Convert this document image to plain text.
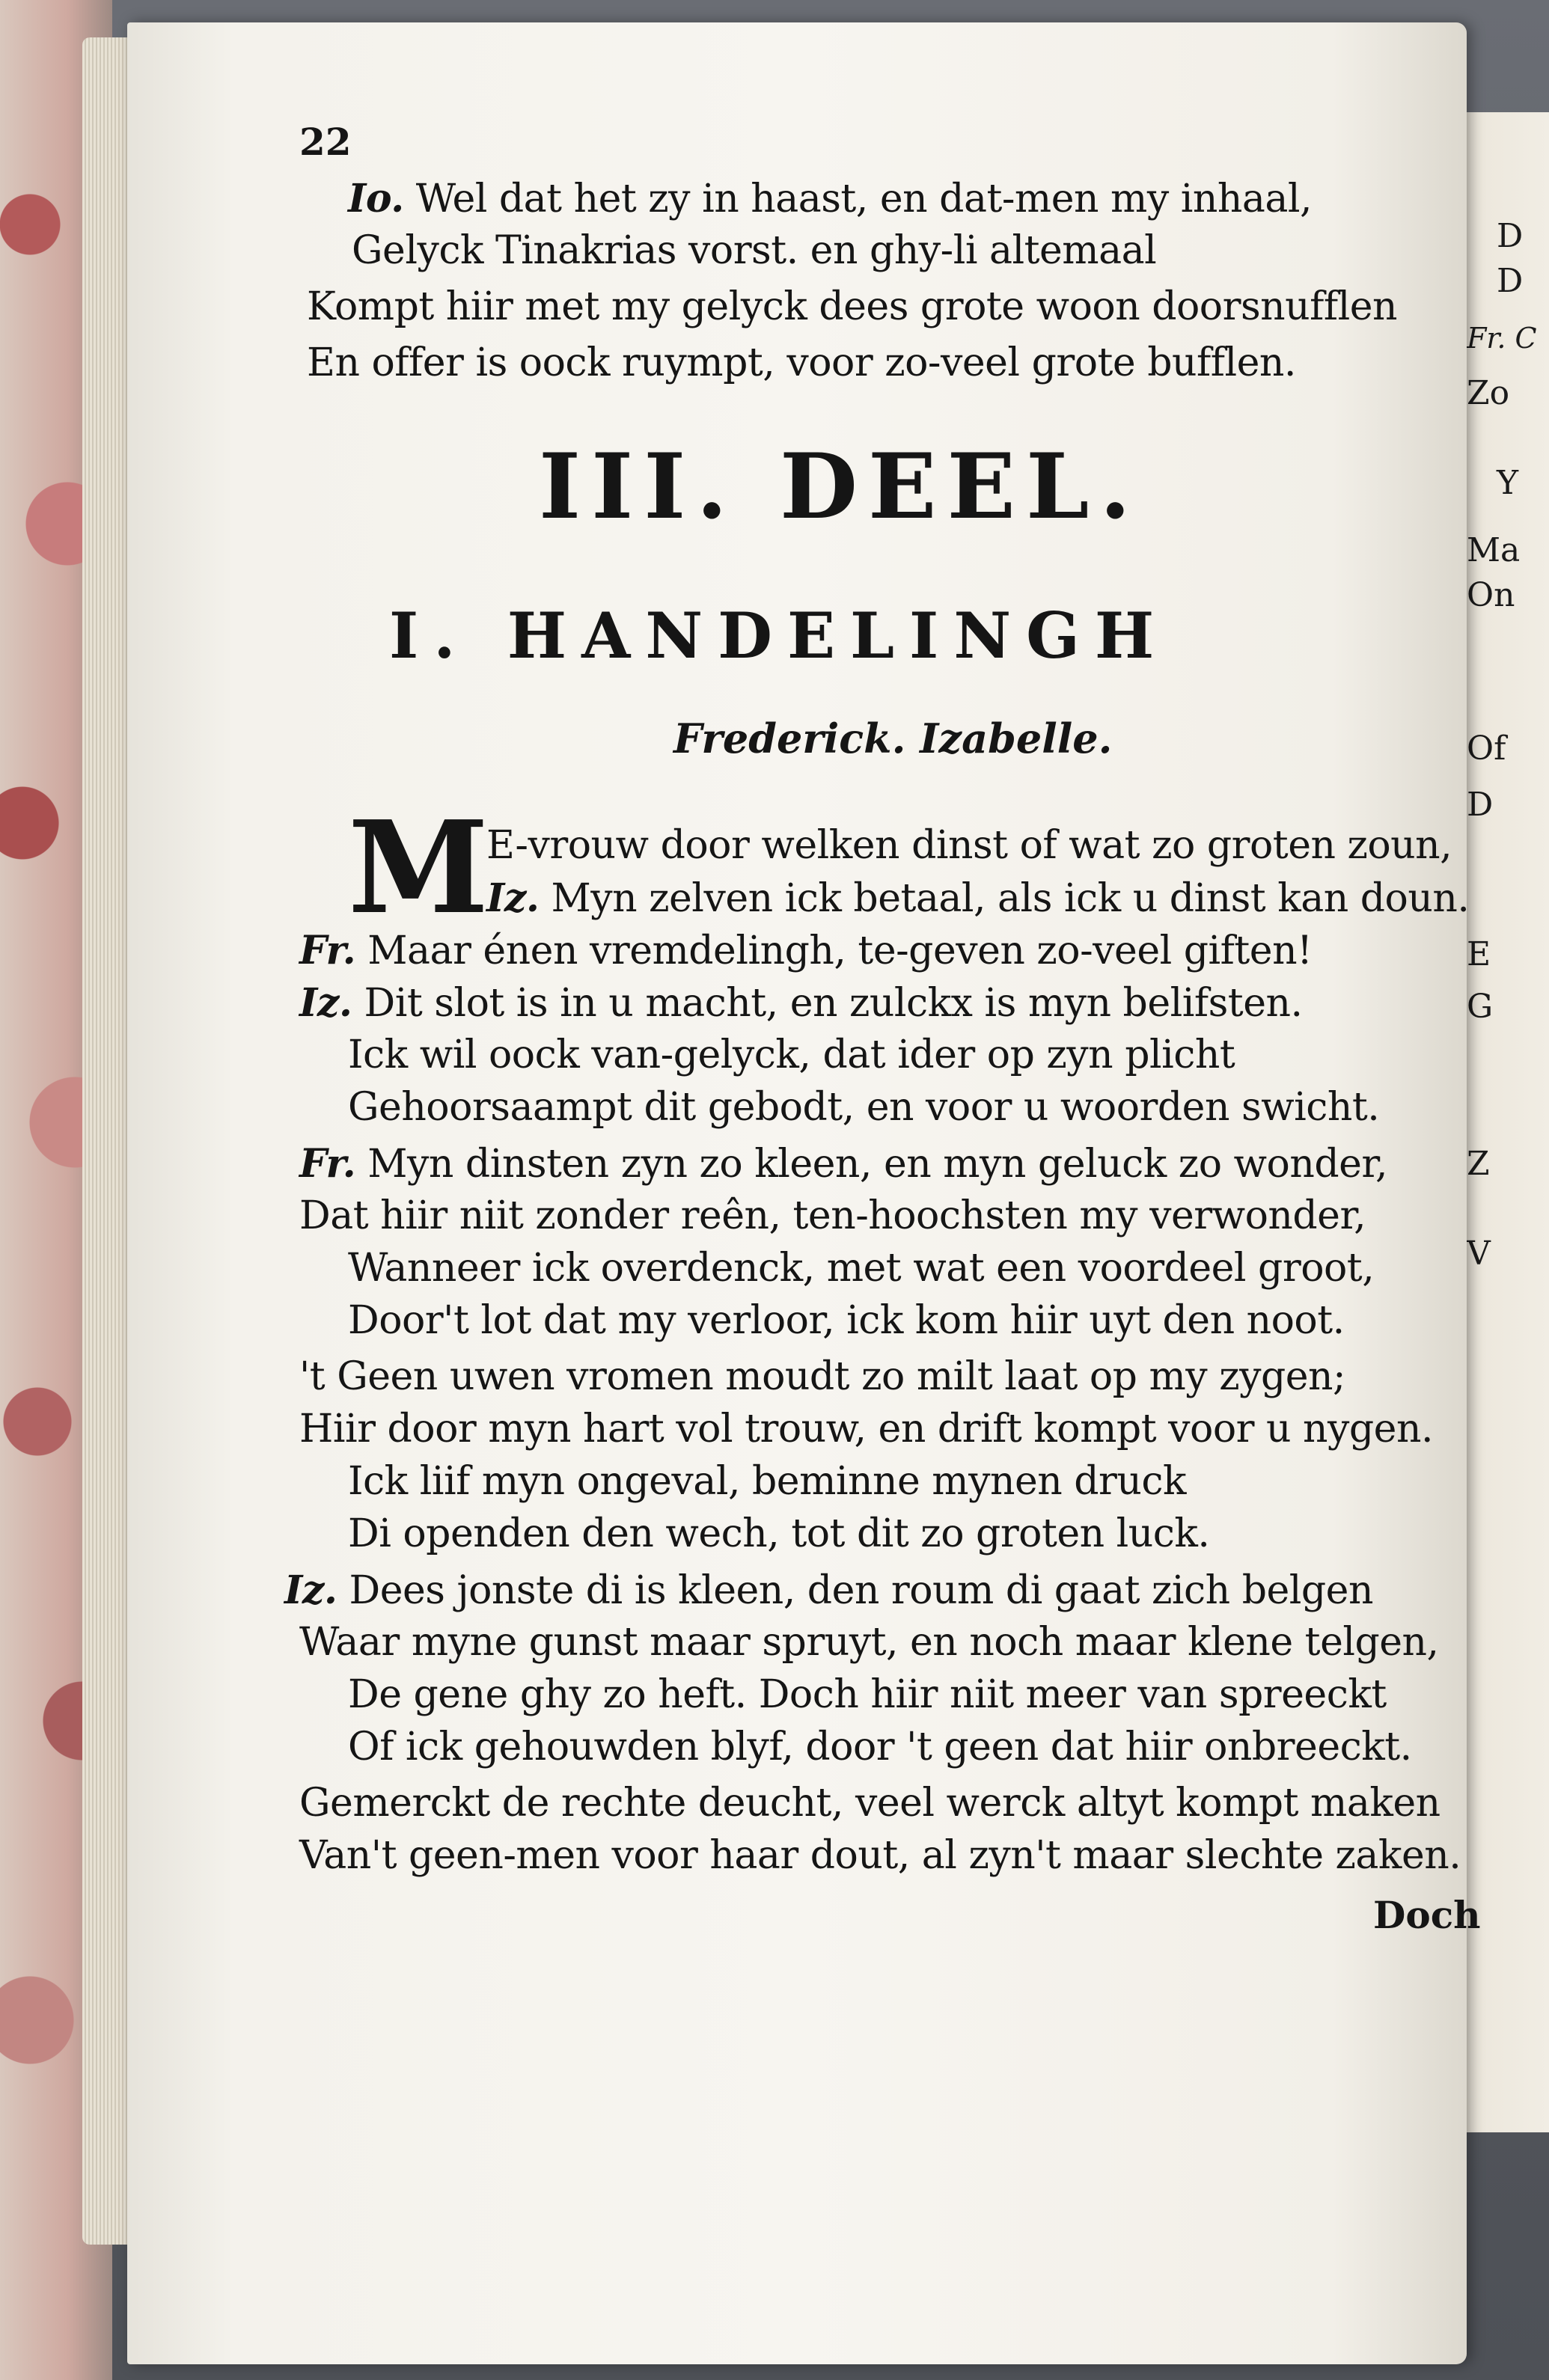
D
D
Fr. C
Zo
Y
Ma
On
Of
D
E
G
Z
V
22
Io. Wel dat het zy in haast, en dat-men my inhaal,
Gelyck Tinakrias vorst. en ghy-li altemaal
Kompt hiir met my gelyck dees grote woon doorsnufflen
En offer is oock ruympt, voor zo-veel grote bufflen.
III. DEEL.
I. HANDELINGH
Frederick. Izabelle.
M
E-vrouw door welken dinst of wat zo groten zoun,
Iz. Myn zelven ick betaal, als ick u dinst kan doun.
Fr. Maar énen vremdelingh, te-geven zo-veel giften!
Iz. Dit slot is in u macht, en zulckx is myn belifsten.
Ick wil oock van-gelyck, dat ider op zyn plicht
Gehoorsaampt dit gebodt, en voor u woorden swicht.
Fr. Myn dinsten zyn zo kleen, en myn geluck zo wonder,
Dat hiir niit zonder reên, ten-hoochsten my verwonder,
Wanneer ick overdenck, met wat een voordeel groot,
Door't lot dat my verloor, ick kom hiir uyt den noot.
't Geen uwen vromen moudt zo milt laat op my zygen;
Hiir door myn hart vol trouw, en drift kompt voor u nygen.
Ick liif myn ongeval, beminne mynen druck
Di openden den wech, tot dit zo groten luck.
Iz. Dees jonste di is kleen, den roum di gaat zich belgen
Waar myne gunst maar spruyt, en noch maar klene telgen,
De gene ghy zo heft. Doch hiir niit meer van spreeckt
Of ick gehouwden blyf, door 't geen dat hiir onbreeckt.
Gemerckt de rechte deucht, veel werck altyt kompt maken
Van't geen-men voor haar dout, al zyn't maar slechte zaken.
Doch
